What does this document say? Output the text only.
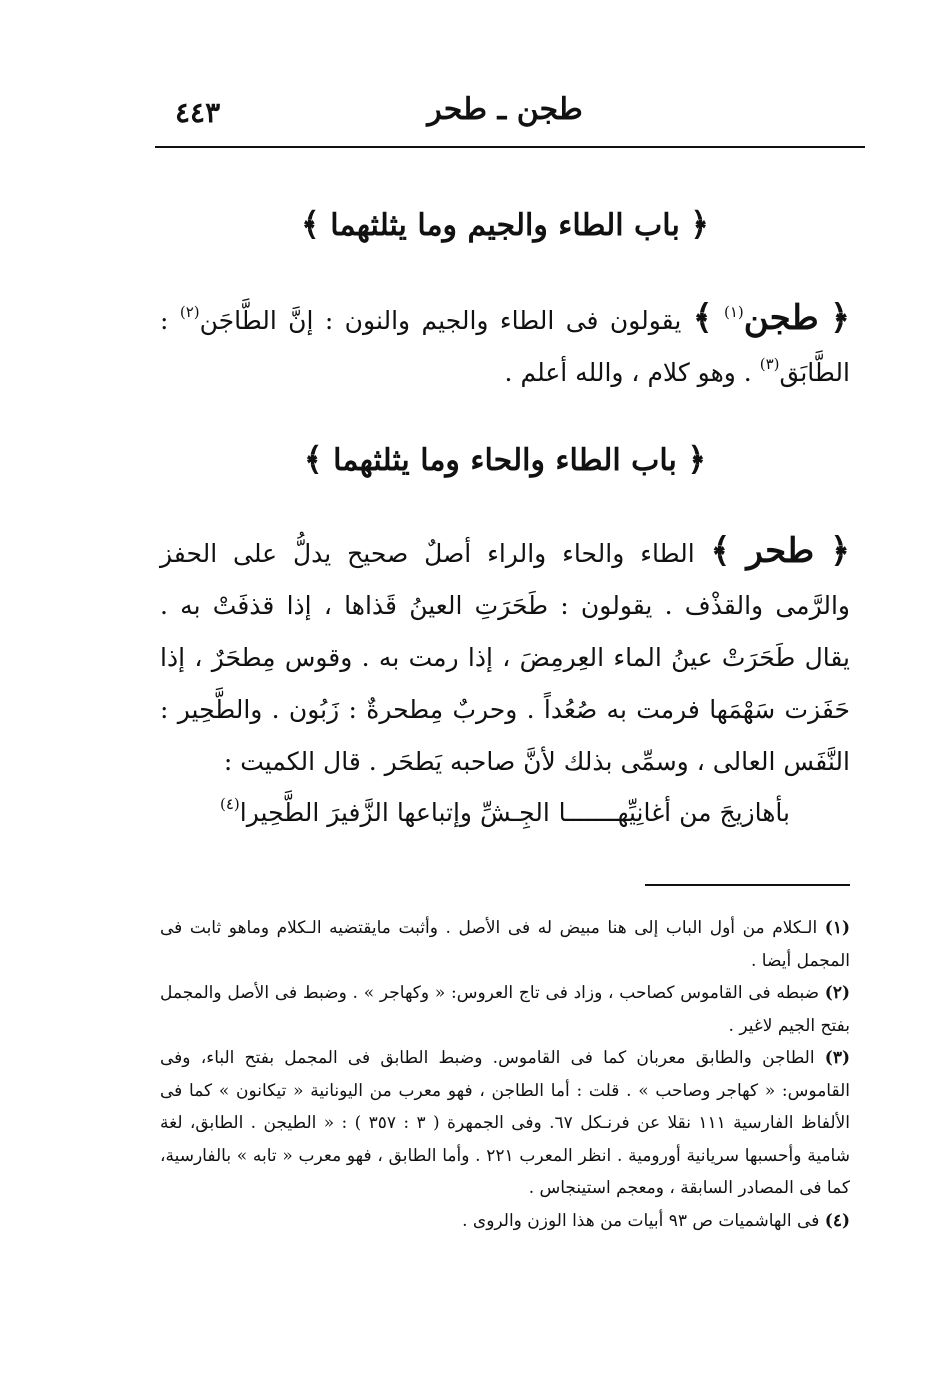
٤٤٣	طجن ـ طحر
﴿ باب الطاء والجيم وما يثلثهما ﴾
﴿ طجن$^{(١)}$ ﴾ يقولون فى الطاء والجيم والنون : إنَّ الطَّاجَن$^{(٢)}$ : الطَّابَق$^{(٣)}$ . وهو كلام ، والله أعلم .
﴿ باب الطاء والحاء وما يثلثهما ﴾
﴿ طحر ﴾ الطاء والحاء والراء أصلٌ صحيح يدلُّ على الحفز والرَّمى والقذْف . يقولون : طَحَرَتِ العينُ قَذاها ، إذا قذفَتْ به . يقال طَحَرَتْ عينُ الماء العِرمِضَ ، إذا رمت به . وقوس مِطحَرٌ ، إذا حَفَزت سَهْمَها فرمت به صُعُداً . وحربٌ مِطحرةٌ : زَبُون . والطَّحِير : النَّفَس العالى ، وسمِّى بذلك لأنَّ صاحبه يَطحَر . قال الكميت :
بأهازيجَ من أغانِيِّهـــــــا
الجِـشِّ وإتباعها الزَّفيرَ الطَّحِيرا$^{(٤)}$
(١) الـكلام من أول الباب إلى هنا مبيض له فى الأصل . وأثبت مايقتضيه الـكلام وماهو ثابت فى المجمل أيضا .
(٢) ضبطه فى القاموس كصاحب ، وزاد فى تاج العروس: « وكهاجر » . وضبط فى الأصل والمجمل بفتح الجيم لاغير .
(٣) الطاجن والطابق معربان كما فى القاموس. وضبط الطابق فى المجمل بفتح الباء، وفى القاموس: « كهاجر وصاحب » . قلت : أما الطاجن ، فهو معرب من اليونانية « تيكانون » كما فى الألفاظ الفارسية ١١١ نقلا عن فرنـكل ٦٧. وفى الجمهرة ( ٣ : ٣٥٧ ) : « الطيجن . الطابق، لغة شامية وأحسبها سريانية أورومية . انظر المعرب ٢٢١ . وأما الطابق ، فهو معرب « تابه » بالفارسية، كما فى المصادر السابقة ، ومعجم استينجاس .
(٤) فى الهاشميات ص ٩٣ أبيات من هذا الوزن والروى .
